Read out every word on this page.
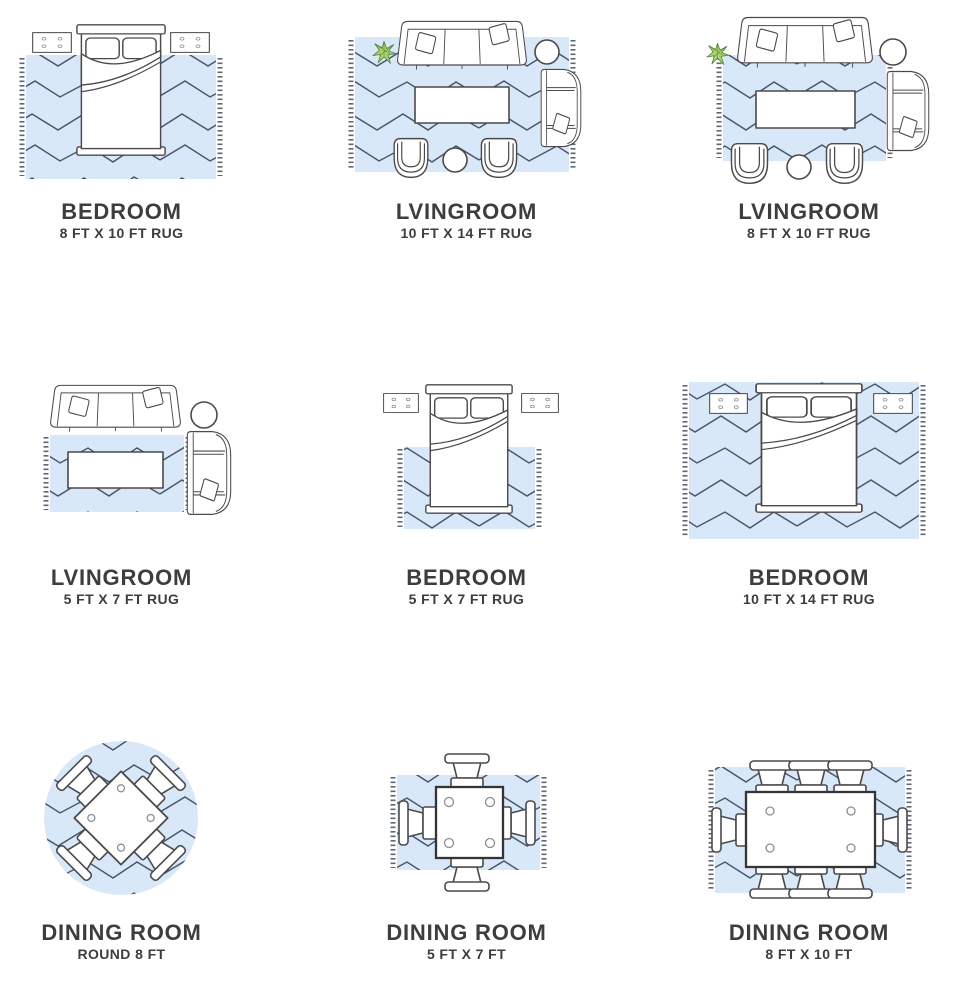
BEDROOM
8 FT X 10 FT RUG
LVINGROOM
10 FT X 14 FT RUG
LVINGROOM
8 FT X 10 FT RUG
LVINGROOM
5 FT X 7 FT RUG
BEDROOM
5 FT X 7 FT RUG
BEDROOM
10 FT X 14 FT RUG
DINING ROOM
ROUND 8 FT
DINING ROOM
5 FT X 7 FT
DINING ROOM
8 FT X 10 FT
